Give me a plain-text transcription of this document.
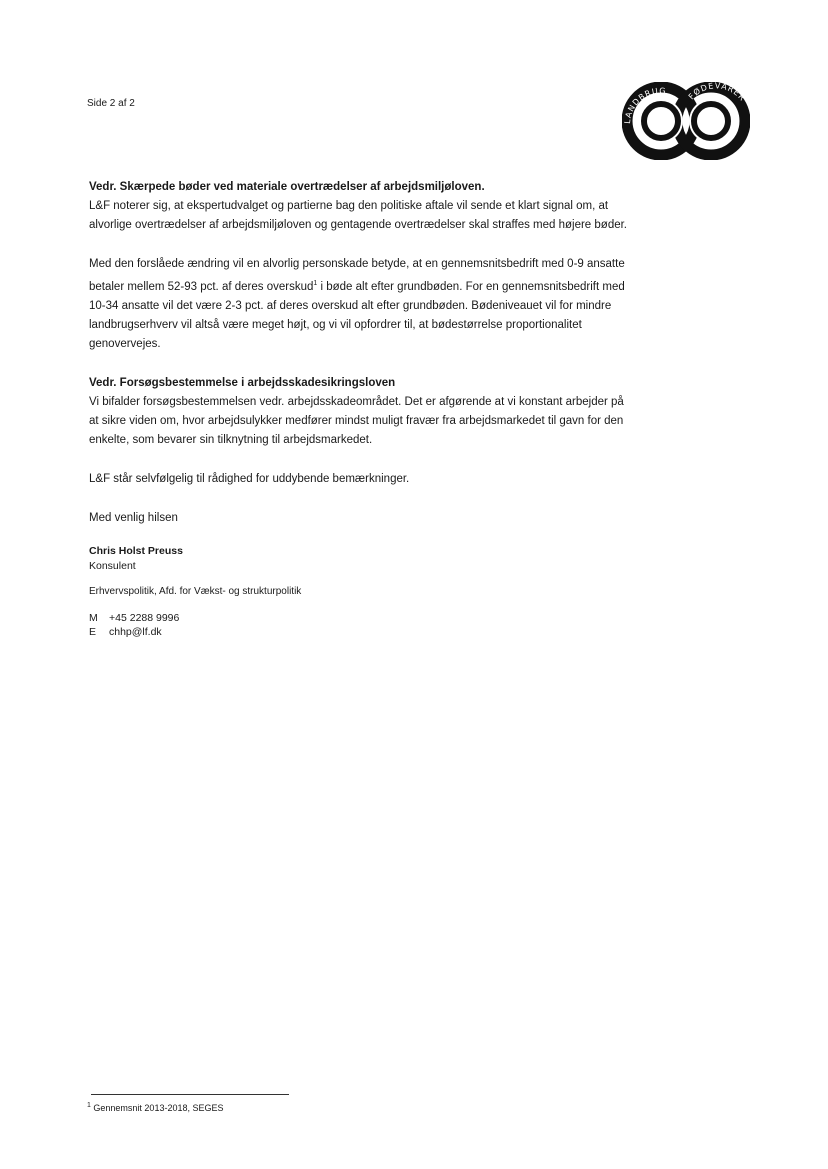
Side 2 af 2
LANDBRUG
FØDEVARER

Vedr. Skærpede bøder ved materiale overtrædelser af arbejdsmiljøloven.
L&F noterer sig, at ekspertudvalget og partierne bag den politiske aftale vil sende et klart signal om, at alvorlige overtrædelser af arbejdsmiljøloven og gentagende overtrædelser skal straffes med højere bøder.

Med den forslåede ændring vil en alvorlig personskade betyde, at en gennemsnitsbedrift med 0-9 ansatte betaler mellem 52-93 pct. af deres overskud$^1$ i bøde alt efter grundbøden. For en gennemsnitsbedrift med 10-34 ansatte vil det være 2-3 pct. af deres overskud alt efter grundbøden. Bødeniveauet vil for mindre landbrugserhverv vil altså være meget højt, og vi vil opfordrer til, at bødestørrelse proportionalitet genovervejes.

Vedr. Forsøgsbestemmelse i arbejdsskadesikringsloven
Vi bifalder forsøgsbestemmelsen vedr. arbejdsskadeområdet. Det er afgørende at vi konstant arbejder på at sikre viden om, hvor arbejdsulykker medfører mindst muligt fravær fra arbejdsmarkedet til gavn for den enkelte, som bevarer sin tilknytning til arbejdsmarkedet.

L&F står selvfølgelig til rådighed for uddybende bemærkninger.

Med venlig hilsen

Chris Holst Preuss
Konsulent
Erhvervspolitik, Afd. for Vækst- og strukturpolitik
M	+45 2288 9996
E	chhp@lf.dk
$^1$ Gennemsnit 2013-2018, SEGES
